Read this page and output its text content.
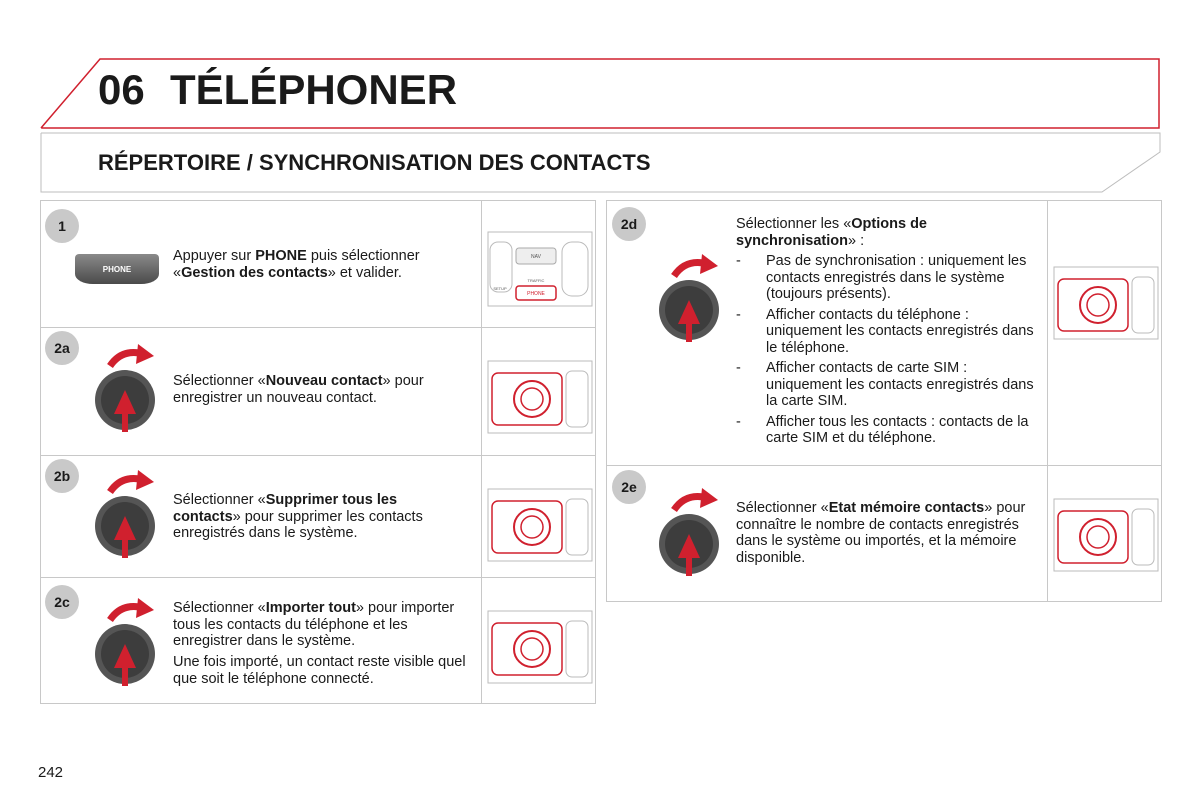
06 TÉLÉPHONER
RÉPERTOIRE / SYNCHRONISATION DES CONTACTS
1
PHONE
Appuyer sur PHONE puis sélectionner «Gestion des contacts» et valider.
NAV
TRAFFIC
SETUP
PHONE
2a
Sélectionner «Nouveau contact» pour enregistrer un nouveau contact.
2b
Sélectionner «Supprimer tous les contacts» pour supprimer les contacts enregistrés dans le système.
2c	Sélectionner «Importer tout» pour importer tous les contacts du téléphone et les enregistrer dans le système.
Une fois importé, un contact reste visible quel que soit le téléphone connecté.
2d	Sélectionner les «Options de synchronisation» :
- Pas de synchronisation : uniquement les contacts enregistrés dans le système (toujours présents).
- Afficher contacts du téléphone : uniquement les contacts enregistrés dans le téléphone.
- Afficher contacts de carte SIM : uniquement les contacts enregistrés dans la carte SIM.
- Afficher tous les contacts : contacts de la carte SIM et du téléphone.
2e
Sélectionner «Etat mémoire contacts» pour connaître le nombre de contacts enregistrés dans le système ou importés, et la mémoire disponible.
242
